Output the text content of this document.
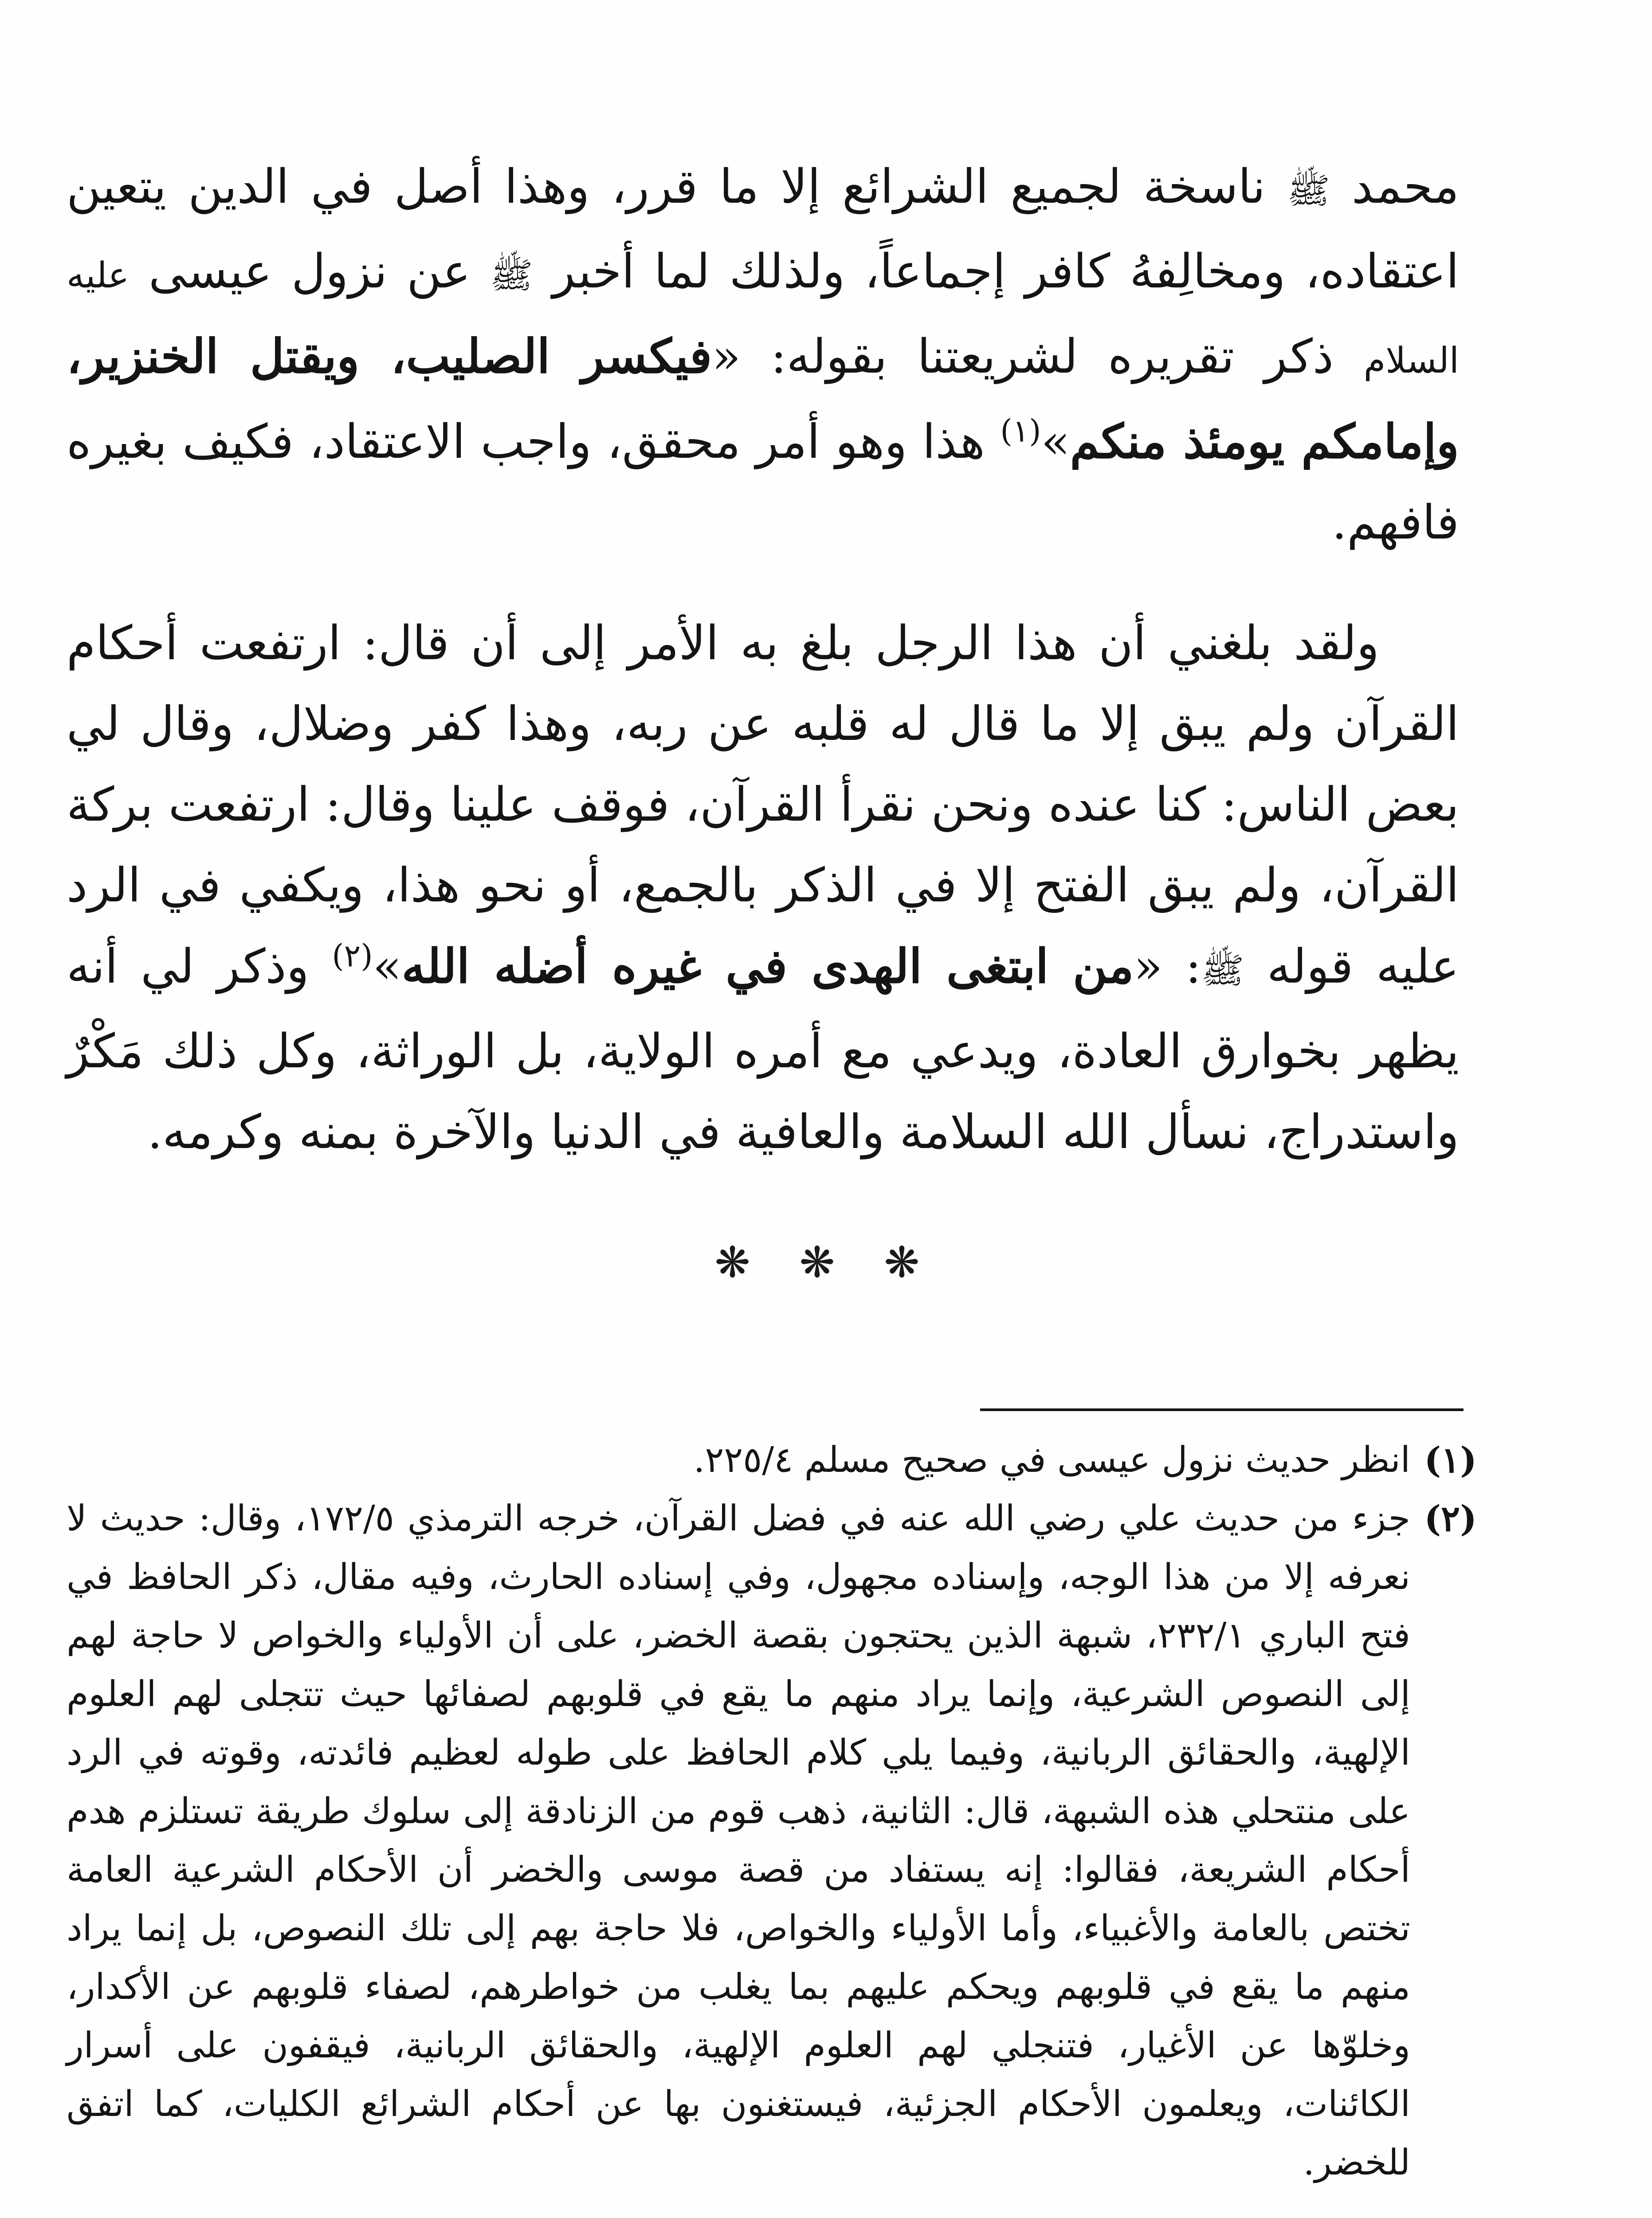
محمد ﷺ ناسخة لجميع الشرائع إلا ما قرر، وهذا أصل في الدين يتعين اعتقاده، ومخالِفهُ كافر إجماعاً، ولذلك لما أخبر ﷺ عن نزول عيسى عليه السلام ذكر تقريره لشريعتنا بقوله: «فيكسر الصليب، ويقتل الخنزير، وإمامكم يومئذ منكم»$^{(١)}$ هذا وهو أمر محقق، واجب الاعتقاد، فكيف بغيره فافهم.

ولقد بلغني أن هذا الرجل بلغ به الأمر إلى أن قال: ارتفعت أحكام القرآن ولم يبق إلا ما قال له قلبه عن ربه، وهذا كفر وضلال، وقال لي بعض الناس: كنا عنده ونحن نقرأ القرآن، فوقف علينا وقال: ارتفعت بركة القرآن، ولم يبق الفتح إلا في الذكر بالجمع، أو نحو هذا، ويكفي في الرد عليه قوله ﷺ: «من ابتغى الهدى في غيره أضله الله»$^{(٢)}$ وذكر لي أنه يظهر بخوارق العادة، ويدعي مع أمره الولاية، بل الوراثة، وكل ذلك مَكْرٌ واستدراج، نسأل الله السلامة والعافية في الدنيا والآخرة بمنه وكرمه.

❋ ❋ ❋
(١)
انظر حديث نزول عيسى في صحيح مسلم ٢٢٥/٤.
(٢)
جزء من حديث علي رضي الله عنه في فضل القرآن، خرجه الترمذي ١٧٢/٥، وقال: حديث لا نعرفه إلا من هذا الوجه، وإسناده مجهول، وفي إسناده الحارث، وفيه مقال، ذكر الحافظ في فتح الباري ٢٣٢/١، شبهة الذين يحتجون بقصة الخضر، على أن الأولياء والخواص لا حاجة لهم إلى النصوص الشرعية، وإنما يراد منهم ما يقع في قلوبهم لصفائها حيث تتجلى لهم العلوم الإلهية، والحقائق الربانية، وفيما يلي كلام الحافظ على طوله لعظيم فائدته، وقوته في الرد على منتحلي هذه الشبهة، قال: الثانية، ذهب قوم من الزنادقة إلى سلوك طريقة تستلزم هدم أحكام الشريعة، فقالوا: إنه يستفاد من قصة موسى والخضر أن الأحكام الشرعية العامة تختص بالعامة والأغبياء، وأما الأولياء والخواص، فلا حاجة بهم إلى تلك النصوص، بل إنما يراد منهم ما يقع في قلوبهم ويحكم عليهم بما يغلب من خواطرهم، لصفاء قلوبهم عن الأكدار، وخلوّها عن الأغيار، فتنجلي لهم العلوم الإلهية، والحقائق الربانية، فيقفون على أسرار الكائنات، ويعلمون الأحكام الجزئية، فيستغنون بها عن أحكام الشرائع الكليات، كما اتفق للخضر.
